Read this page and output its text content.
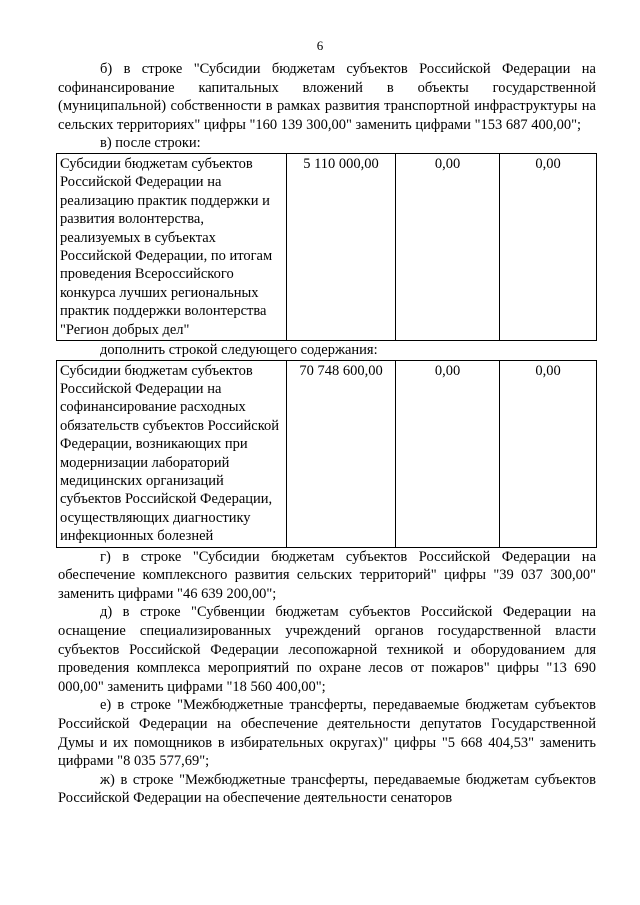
6

б) в строке "Субсидии бюджетам субъектов Российской Федерации на софинансирование капитальных вложений в объекты государственной (муниципальной) собственности в рамках развития транспортной инфраструктуры на сельских территориях" цифры "160 139 300,00" заменить цифрами "153 687 400,00";

в) после строки:

Субсидии бюджетам субъектов Российской Федерации на реализацию практик поддержки и развития волонтерства, реализуемых в субъектах Российской Федерации, по итогам проведения Всероссийского конкурса лучших региональных практик поддержки волонтерства "Регион добрых дел"	5 110 000,00	0,00	0,00

дополнить строкой следующего содержания:

Субсидии бюджетам субъектов Российской Федерации на софинансирование расходных обязательств субъектов Российской Федерации, возникающих при модернизации лабораторий медицинских организаций субъектов Российской Федерации, осуществляющих диагностику инфекционных болезней	70 748 600,00	0,00	0,00

г) в строке "Субсидии бюджетам субъектов Российской Федерации на обеспечение комплексного развития сельских территорий" цифры "39 037 300,00" заменить цифрами "46 639 200,00";

д) в строке "Субвенции бюджетам субъектов Российской Федерации на оснащение специализированных учреждений органов государственной власти субъектов Российской Федерации лесопожарной техникой и оборудованием для проведения комплекса мероприятий по охране лесов от пожаров" цифры "13 690 000,00" заменить цифрами "18 560 400,00";

е) в строке "Межбюджетные трансферты, передаваемые бюджетам субъектов Российской Федерации на обеспечение деятельности депутатов Государственной Думы и их помощников в избирательных округах)" цифры "5 668 404,53" заменить цифрами "8 035 577,69";

ж) в строке "Межбюджетные трансферты, передаваемые бюджетам субъектов Российской Федерации на обеспечение деятельности сенаторов
